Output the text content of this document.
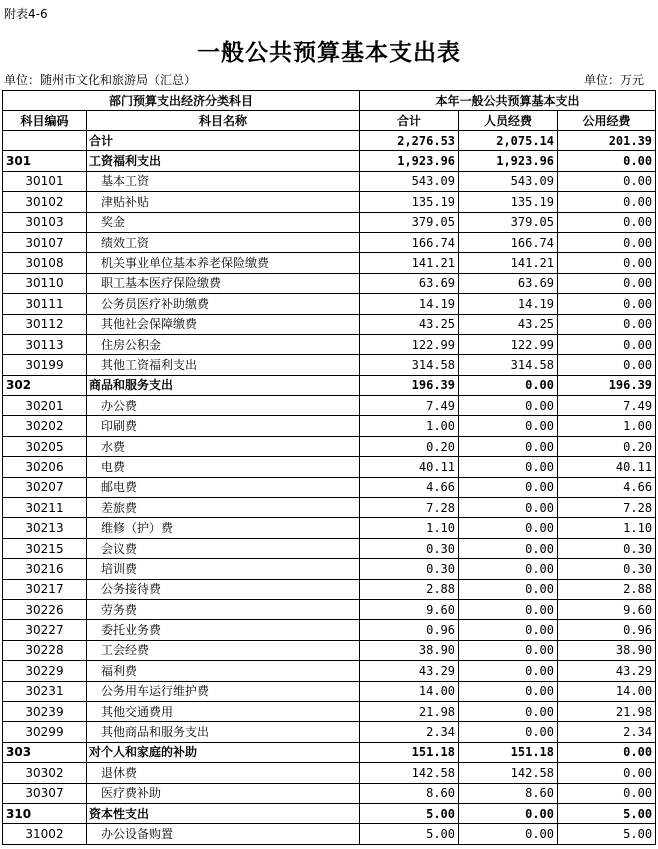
附表4-6
一般公共预算基本支出表
单位：随州市文化和旅游局（汇总）	单位：万元
部门预算支出经济分类科目		本年一般公共预算基本支出		
科目编码	科目名称	合计	人员经费	公用经费
	合计	2,276.53	2,075.14	201.39
301	工资福利支出	1,923.96	1,923.96	0.00
30101	基本工资	543.09	543.09	0.00
30102	津贴补贴	135.19	135.19	0.00
30103	奖金	379.05	379.05	0.00
30107	绩效工资	166.74	166.74	0.00
30108	机关事业单位基本养老保险缴费	141.21	141.21	0.00
30110	职工基本医疗保险缴费	63.69	63.69	0.00
30111	公务员医疗补助缴费	14.19	14.19	0.00
30112	其他社会保障缴费	43.25	43.25	0.00
30113	住房公积金	122.99	122.99	0.00
30199	其他工资福利支出	314.58	314.58	0.00
302	商品和服务支出	196.39	0.00	196.39
30201	办公费	7.49	0.00	7.49
30202	印刷费	1.00	0.00	1.00
30205	水费	0.20	0.00	0.20
30206	电费	40.11	0.00	40.11
30207	邮电费	4.66	0.00	4.66
30211	差旅费	7.28	0.00	7.28
30213	维修（护）费	1.10	0.00	1.10
30215	会议费	0.30	0.00	0.30
30216	培训费	0.30	0.00	0.30
30217	公务接待费	2.88	0.00	2.88
30226	劳务费	9.60	0.00	9.60
30227	委托业务费	0.96	0.00	0.96
30228	工会经费	38.90	0.00	38.90
30229	福利费	43.29	0.00	43.29
30231	公务用车运行维护费	14.00	0.00	14.00
30239	其他交通费用	21.98	0.00	21.98
30299	其他商品和服务支出	2.34	0.00	2.34
303	对个人和家庭的补助	151.18	151.18	0.00
30302	退休费	142.58	142.58	0.00
30307	医疗费补助	8.60	8.60	0.00
310	资本性支出	5.00	0.00	5.00
31002	办公设备购置	5.00	0.00	5.00
